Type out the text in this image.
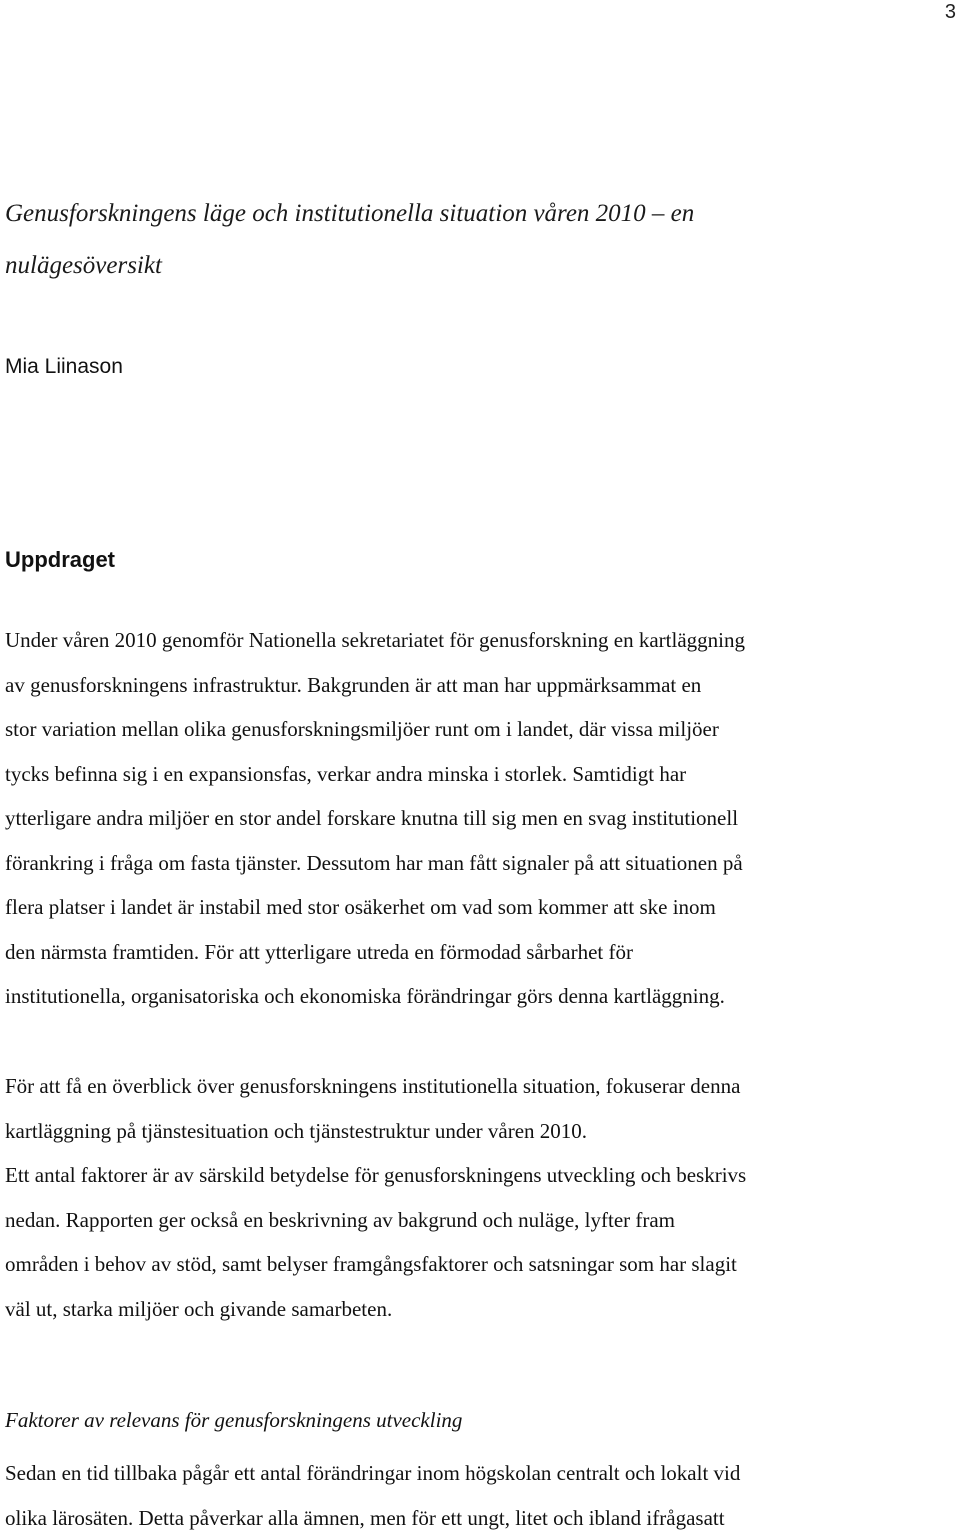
3
Genusforskningens läge och institutionella situation våren 2010 – en
nulägesöversikt

Mia Liinason

Uppdraget

Under våren 2010 genomför Nationella sekretariatet för genusforskning en kartläggning
av genusforskningens infrastruktur. Bakgrunden är att man har uppmärksammat en
stor variation mellan olika genusforskningsmiljöer runt om i landet, där vissa miljöer
tycks befinna sig i en expansionsfas, verkar andra minska i storlek. Samtidigt har
ytterligare andra miljöer en stor andel forskare knutna till sig men en svag institutionell
förankring i fråga om fasta tjänster. Dessutom har man fått signaler på att situationen på
flera platser i landet är instabil med stor osäkerhet om vad som kommer att ske inom
den närmsta framtiden. För att ytterligare utreda en förmodad sårbarhet för
institutionella, organisatoriska och ekonomiska förändringar görs denna kartläggning.

För att få en överblick över genusforskningens institutionella situation, fokuserar denna
kartläggning på tjänstesituation och tjänstestruktur under våren 2010.
Ett antal faktorer är av särskild betydelse för genusforskningens utveckling och beskrivs
nedan. Rapporten ger också en beskrivning av bakgrund och nuläge, lyfter fram
områden i behov av stöd, samt belyser framgångsfaktorer och satsningar som har slagit
väl ut, starka miljöer och givande samarbeten.

Faktorer av relevans för genusforskningens utveckling

Sedan en tid tillbaka pågår ett antal förändringar inom högskolan centralt och lokalt vid
olika lärosäten. Detta påverkar alla ämnen, men för ett ungt, litet och ibland ifrågasatt
